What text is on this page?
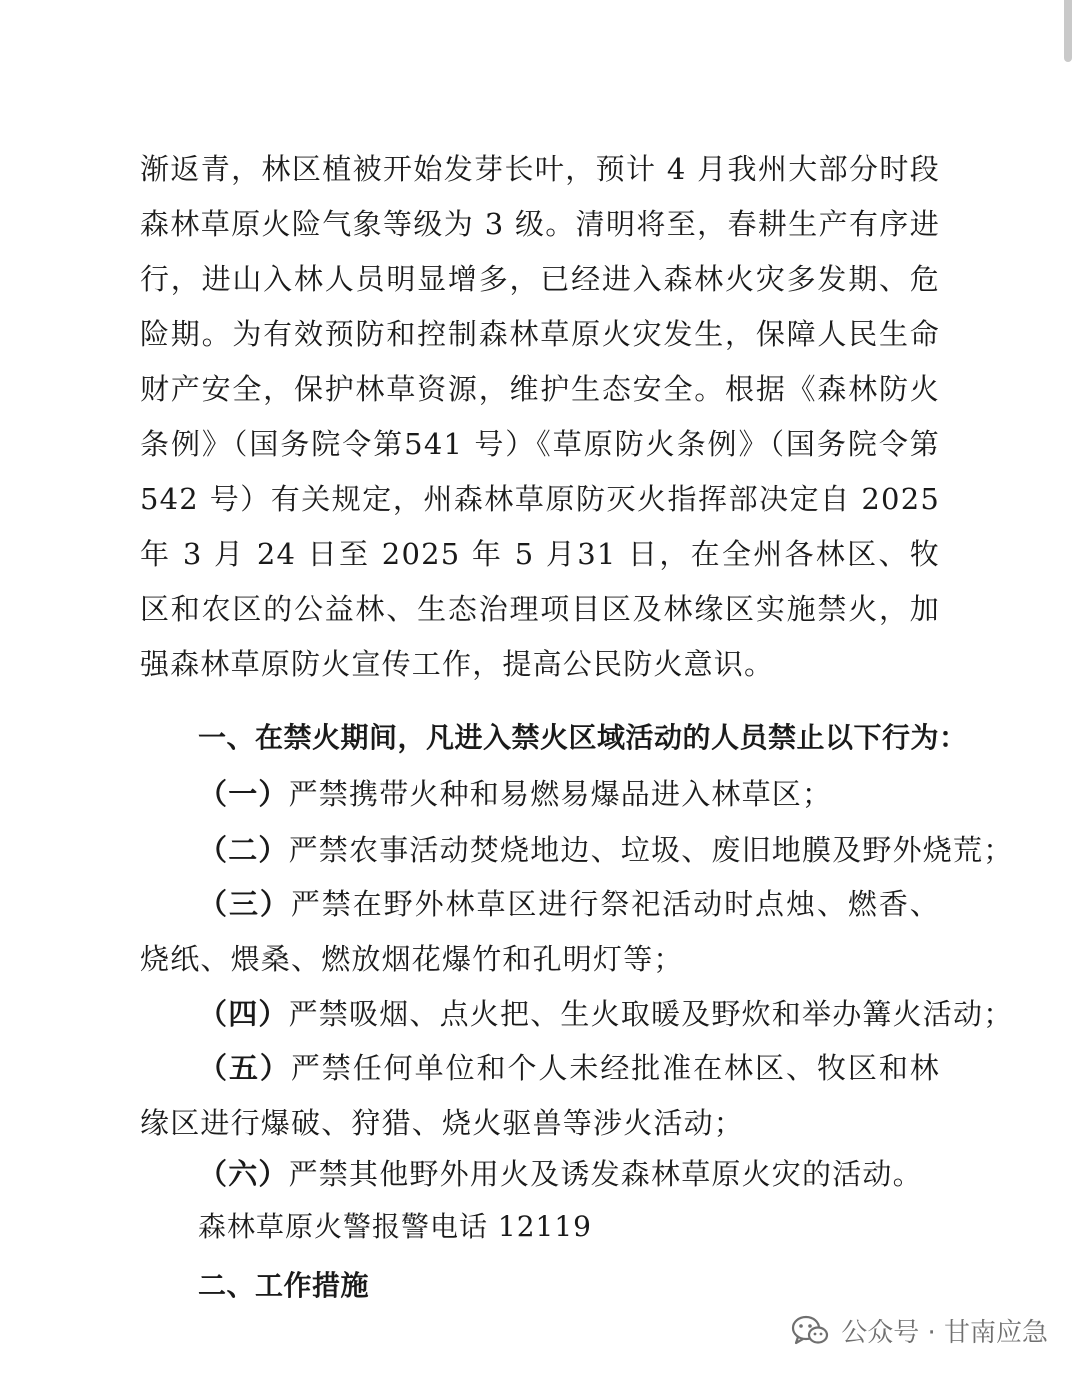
渐返青，林区植被开始发芽长叶，预计 4 月我州大部分时段森林草原火险气象等级为 3 级。清明将至，春耕生产有序进行，进山入林人员明显增多，已经进入森林火灾多发期、危险期。为有效预防和控制森林草原火灾发生，保障人民生命财产安全，保护林草资源，维护生态安全。根据《森林防火条例》（国务院令第541 号）《草原防火条例》（国务院令第 542 号）有关规定，州森林草原防灭火指挥部决定自 2025 年 3 月 24 日至 2025 年 5 月31 日，在全州各林区、牧区和农区的公益林、生态治理项目区及林缘区实施禁火，加强森林草原防火宣传工作，提高公民防火意识。

一、在禁火期间，凡进入禁火区域活动的人员禁止以下行为：
（一）严禁携带火种和易燃易爆品进入林草区；
（二）严禁农事活动焚烧地边、垃圾、废旧地膜及野外烧荒；
（三）严禁在野外林草区进行祭祀活动时点烛、燃香、烧纸、煨桑、燃放烟花爆竹和孔明灯等；
（四）严禁吸烟、点火把、生火取暖及野炊和举办篝火活动；
（五）严禁任何单位和个人未经批准在林区、牧区和林缘区进行爆破、狩猎、烧火驱兽等涉火活动；
（六）严禁其他野外用火及诱发森林草原火灾的活动。
森林草原火警报警电话 12119
二、工作措施
公众号 · 甘南应急
